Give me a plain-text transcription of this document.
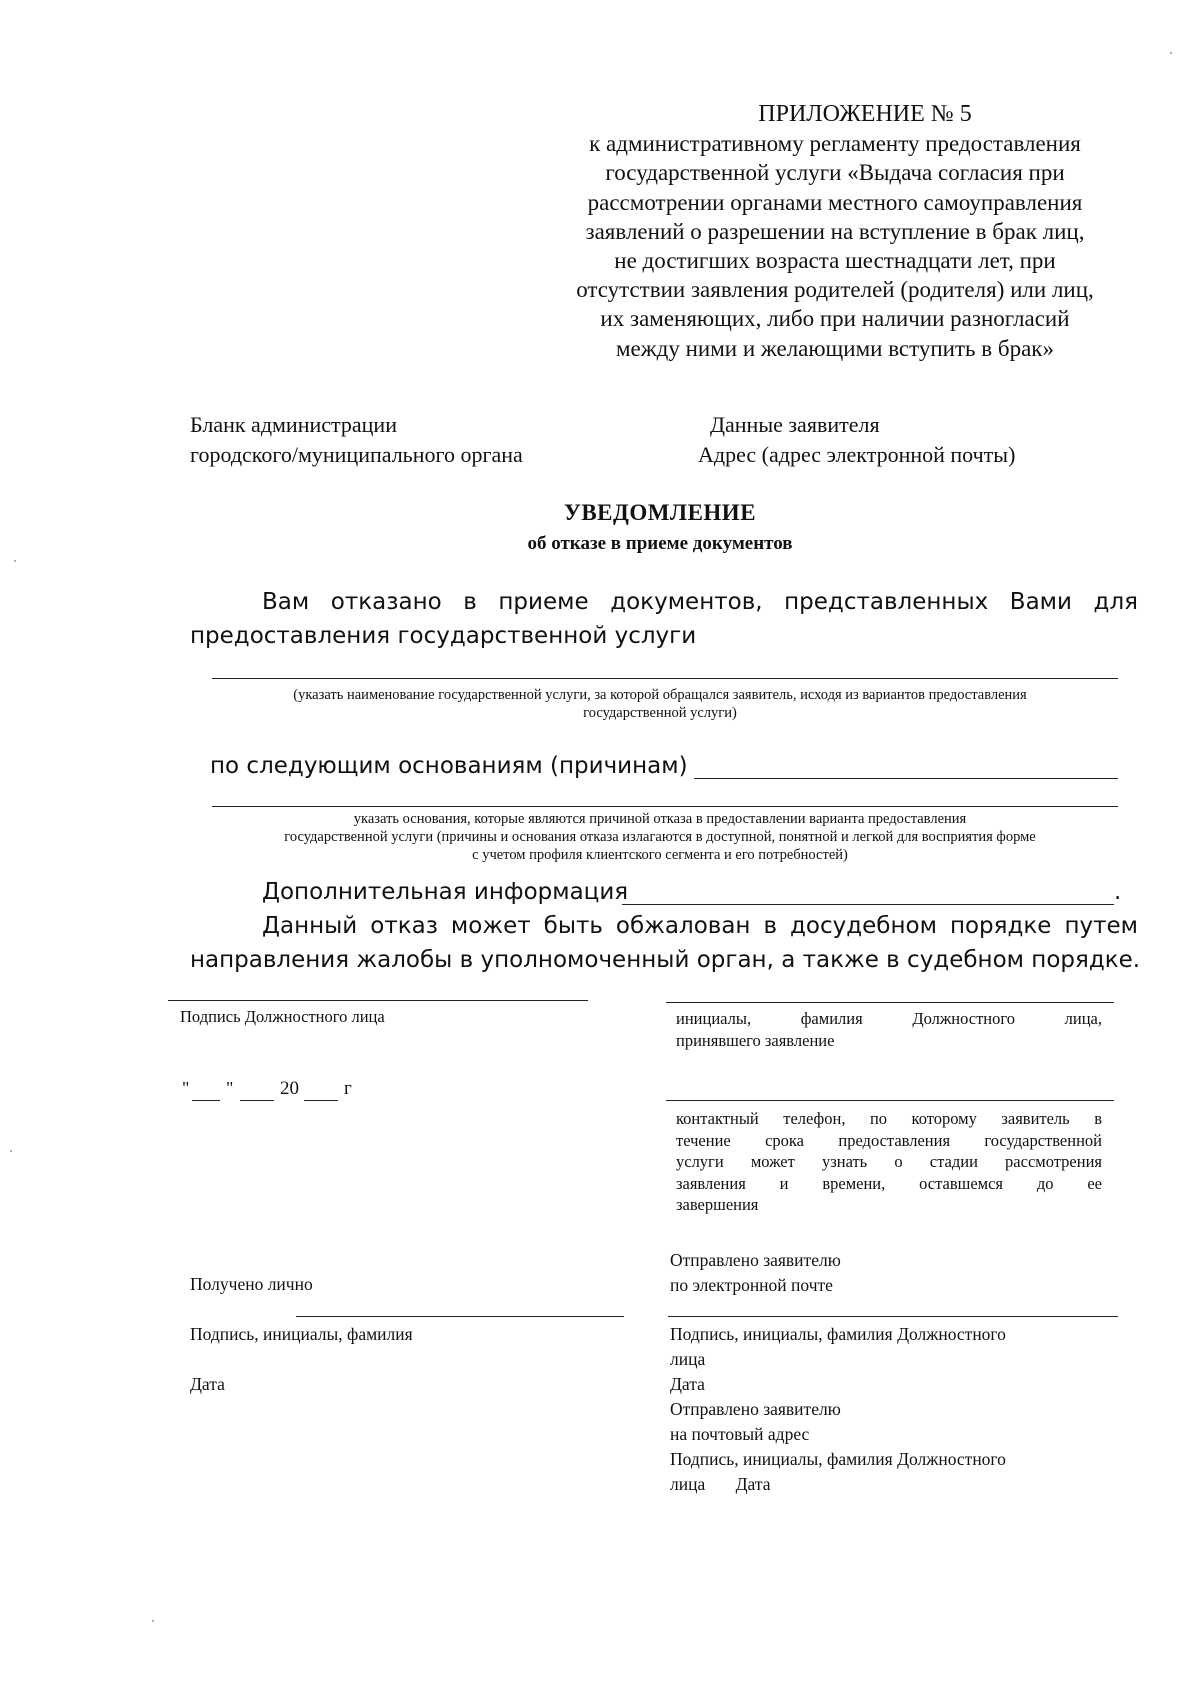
ПРИЛОЖЕНИЕ № 5
к административному регламенту предоставления
государственной услуги «Выдача согласия при
рассмотрении органами местного самоуправления
заявлений о разрешении на вступление в брак лиц,
не достигших возраста шестнадцати лет, при
отсутствии заявления родителей (родителя) или лиц,
их заменяющих, либо при наличии разногласий
между ними и желающими вступить в брак»
Бланк администрации
городского/муниципального органа
Данные заявителя
Адрес (адрес электронной почты)
УВЕДОМЛЕНИЕ
об отказе в приеме документов
Вам отказано в приеме документов, представленных Вами для
предоставления государственной услуги
(указать наименование государственной услуги, за которой обращался заявитель, исходя из вариантов предоставления
государственной услуги)
по следующим основаниям (причинам)
указать основания, которые являются причиной отказа в предоставлении варианта предоставления
государственной услуги (причины и основания отказа излагаются в доступной, понятной и легкой для восприятия форме
с учетом профиля клиентского сегмента и его потребностей)
Дополнительная информация	.
Данный отказ может быть обжалован в досудебном порядке путем
направления жалобы в уполномоченный орган, а также в судебном порядке.
Подпись Должностного лица	инициалы, фамилия Должностного лица,
принявшего заявление
" " 20 г
контактный телефон, по которому заявитель в
течение срока предоставления государственной
услуги может узнать о стадии рассмотрения
заявления и времени, оставшемся до ее
завершения
Получено лично
Отправлено заявителю
по электронной почте
Подпись, инициалы, фамилия
Дата
Подпись, инициалы, фамилия Должностного
лица
Дата
Отправлено заявителю
на почтовый адрес
Подпись, инициалы, фамилия Должностного
лица Дата
